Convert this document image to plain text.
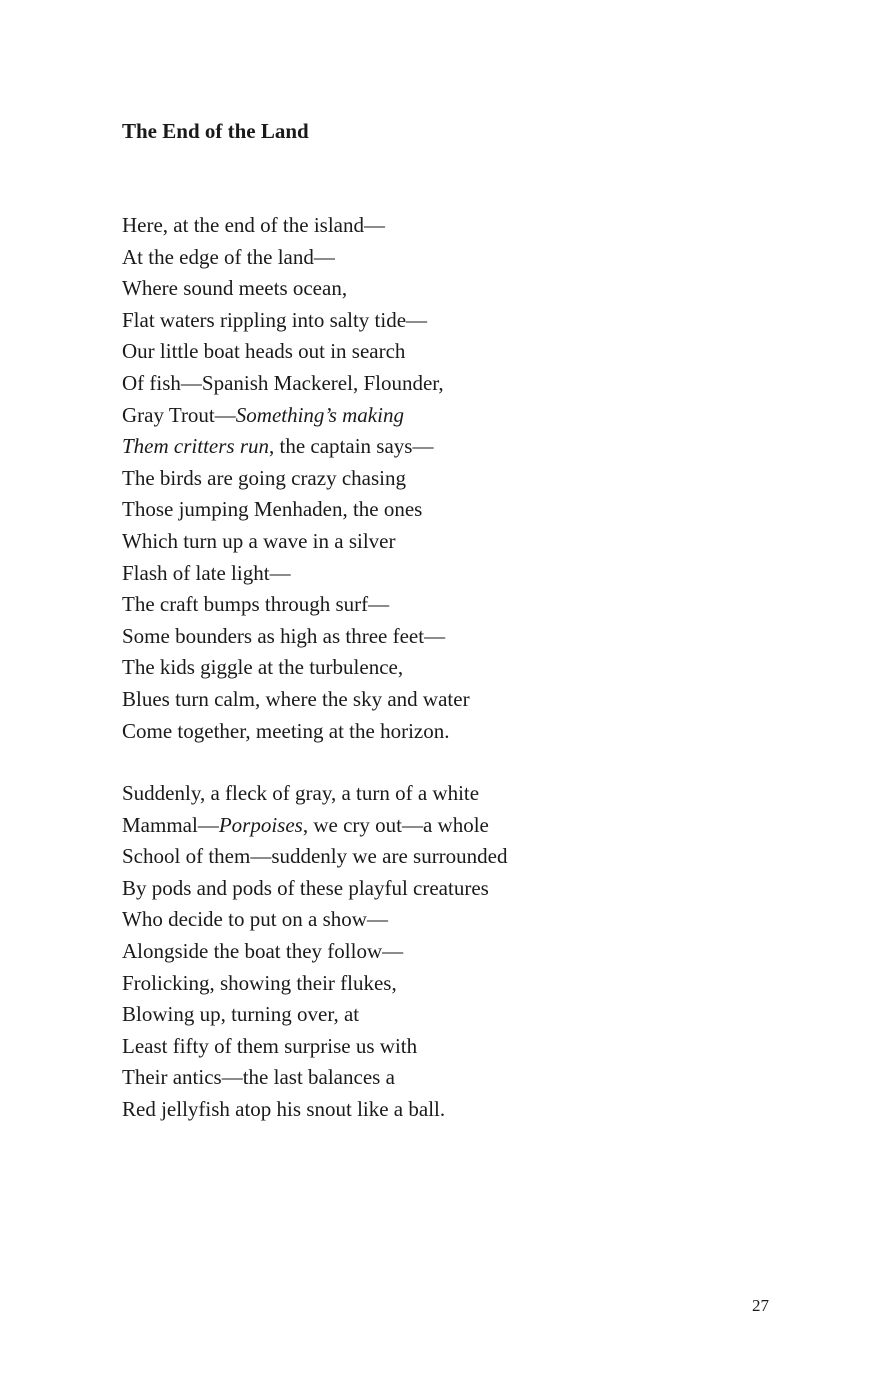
The End of the Land
Here, at the end of the island—
At the edge of the land—
Where sound meets ocean,
Flat waters rippling into salty tide—
Our little boat heads out in search
Of fish—Spanish Mackerel, Flounder,
Gray Trout—Something’s making
Them critters run, the captain says—
The birds are going crazy chasing
Those jumping Menhaden, the ones
Which turn up a wave in a silver
Flash of late light—
The craft bumps through surf—
Some bounders as high as three feet—
The kids giggle at the turbulence,
Blues turn calm, where the sky and water
Come together, meeting at the horizon.
Suddenly, a fleck of gray, a turn of a white
Mammal—Porpoises, we cry out—a whole
School of them—suddenly we are surrounded
By pods and pods of these playful creatures
Who decide to put on a show—
Alongside the boat they follow—
Frolicking, showing their flukes,
Blowing up, turning over, at
Least fifty of them surprise us with
Their antics—the last balances a
Red jellyfish atop his snout like a ball.
27
